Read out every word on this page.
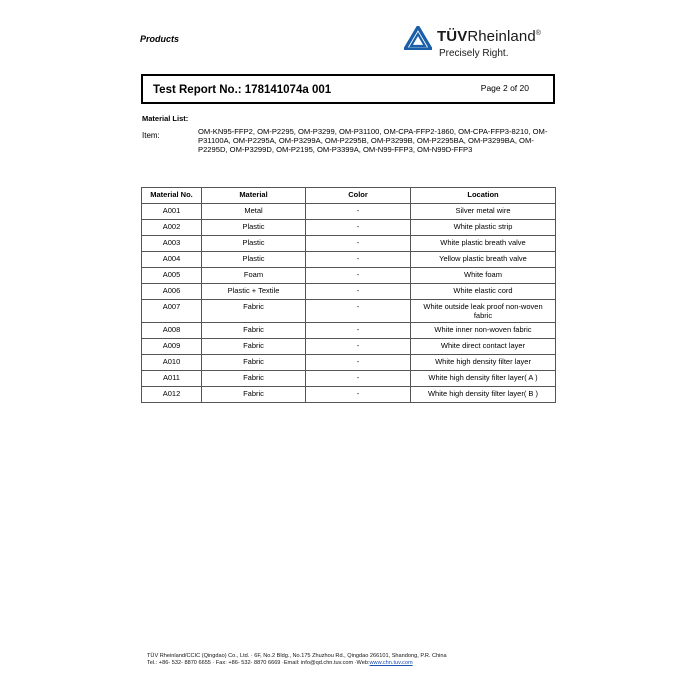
Products	TÜVRheinland®
Precisely Right.
Test Report No.: 178141074a 001	Page 2 of 20
Material List:
Item:	OM-KN95-FFP2, OM-P2295, OM-P3299, OM-P31100, OM-CPA-FFP2-1860, OM-CPA-FFP3-8210, OM-P31100A, OM-P2295A, OM-P3299A, OM-P2295B, OM-P3299B, OM-P2295BA, OM-P3299BA, OM-P2295D, OM-P3299D, OM-P2195, OM-P3399A, OM-N99-FFP3, OM-N99D-FFP3
Material No.	Material	Color	Location
A001	Metal	-	Silver metal wire
A002	Plastic	-	White plastic strip
A003	Plastic	-	White plastic breath valve
A004	Plastic	-	Yellow plastic breath valve
A005	Foam	-	White foam
A006	Plastic + Textile	-	White elastic cord
A007	Fabric	-	White outside leak proof non-woven fabric
A008	Fabric	-	White inner non-woven fabric
A009	Fabric	-	White direct contact layer
A010	Fabric	-	White high density filter layer
A011	Fabric	-	White high density filter layer( A )
A012	Fabric	-	White high density filter layer( B )
TÜV Rheinland/CCIC (Qingdao) Co., Ltd. · 6F, No.2 Bldg., No.175 Zhuzhou Rd., Qingdao 266101, Shandong, P.R. China
Tel.: +86- 532- 8870 6655 · Fax: +86- 532- 8870 6669 ·Email: info@qd.chn.tuv.com ·Web:www.chn.tuv.com
